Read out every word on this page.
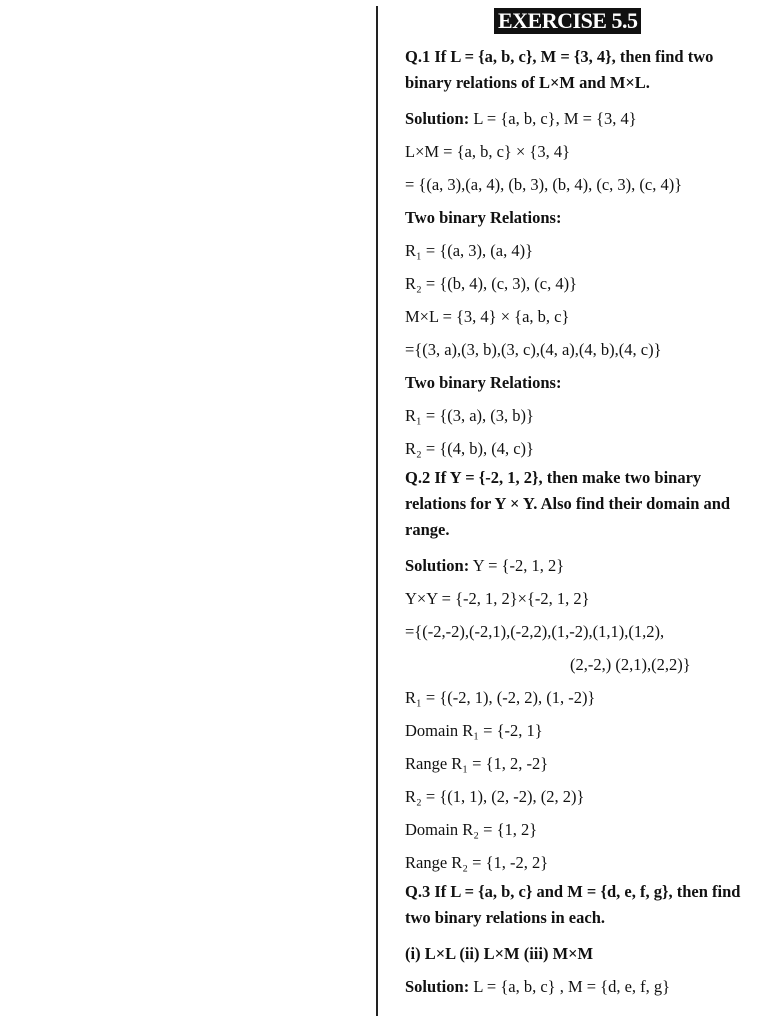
EXERCISE 5.5
Q.1 If L = {a, b, c}, M = {3, 4}, then find two binary relations of L×M and M×L.
Solution: L = {a, b, c}, M = {3, 4}
L×M = {a, b, c} × {3, 4}
= {(a, 3),(a, 4), (b, 3), (b, 4), (c, 3), (c, 4)}
Two binary Relations:
R₁ = {(a, 3), (a, 4)}
R₂ = {(b, 4), (c, 3), (c, 4)}
M×L = {3, 4} × {a, b, c}
={(3, a),(3, b),(3, c),(4, a),(4, b),(4, c)}
Two binary Relations:
R₁ = {(3, a), (3, b)}
R₂ = {(4, b), (4, c)}
Q.2 If Y = {-2, 1, 2}, then make two binary relations for Y × Y. Also find their domain and range.
Solution: Y = {-2, 1, 2}
Y×Y = {-2, 1, 2}×{-2, 1, 2}
={(-2,-2),(-2,1),(-2,2),(1,-2),(1,1),(1,2),
(2,-2,) (2,1),(2,2)}
R₁ = {(-2, 1), (-2, 2), (1, -2)}
Domain R₁ = {-2, 1}
Range R₁ = {1, 2, -2}
R₂ = {(1, 1), (2, -2), (2, 2)}
Domain R₂ = {1, 2}
Range R₂ = {1, -2, 2}
Q.3 If L = {a, b, c} and M = {d, e, f, g}, then find two binary relations in each.
(i) L×L (ii) L×M (iii) M×M
Solution: L = {a, b, c} , M = {d, e, f, g}
